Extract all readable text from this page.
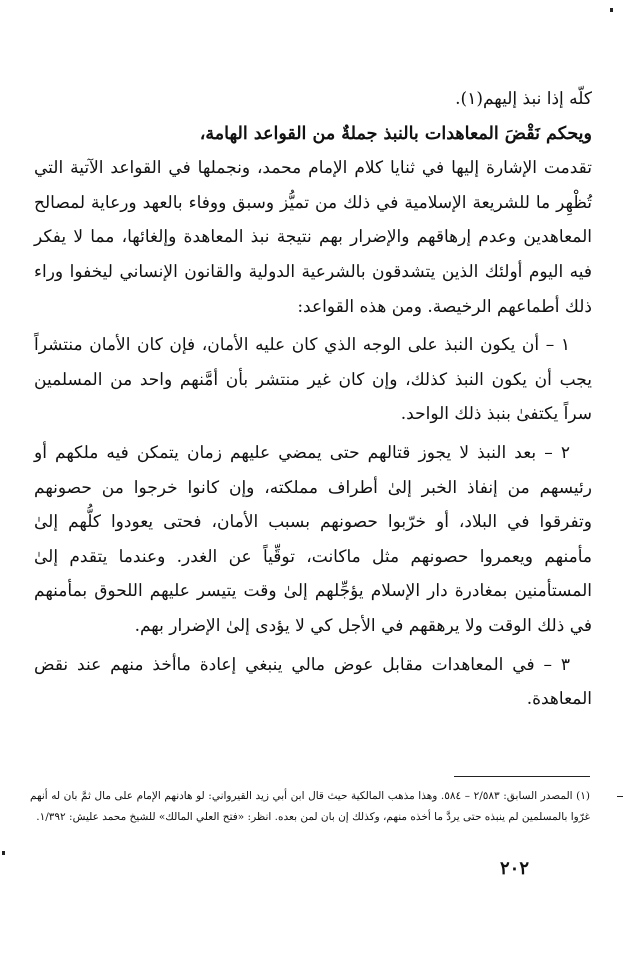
كلّه إذا نبذ إليهم(١).

ويحكم نَقْضَ المعاهدات بالنبذ جملةٌ من القواعد الهامة،

تقدمت الإشارة إليها في ثنايا كلام الإمام محمد، ونجملها في القواعد الآتية التي تُظْهِر ما للشريعة الإسلامية في ذلك من تميُّز وسبق ووفاء بالعهد ورعاية لمصالح المعاهدين وعدم إرهاقهم والإضرار بهم نتيجة نبذ المعاهدة وإلغائها، مما لا يفكر فيه اليوم أولئك الذين يتشدقون بالشرعية الدولية والقانون الإنساني ليخفوا وراء ذلك أطماعهم الرخيصة. ومن هذه القواعد:

١ – أن يكون النبذ على الوجه الذي كان عليه الأمان، فإن كان الأمان منتشراً يجب أن يكون النبذ كذلك، وإن كان غير منتشر بأن أمَّنهم واحد من المسلمين سراً يكتفىٰ بنبذ ذلك الواحد.

٢ – بعد النبذ لا يجوز قتالهم حتى يمضي عليهم زمان يتمكن فيه ملكهم أو رئيسهم من إنفاذ الخبر إلىٰ أطراف مملكته، وإن كانوا خرجوا من حصونهم وتفرقوا في البلاد، أو خرّبوا حصونهم بسبب الأمان، فحتى يعودوا كلُّهم إلىٰ مأمنهم ويعمروا حصونهم مثل ماكانت، توقِّياً عن الغدر. وعندما يتقدم إلىٰ المستأمنين بمغادرة دار الإسلام يؤجِّلهم إلىٰ وقت يتيسر عليهم اللحوق بمأمنهم في ذلك الوقت ولا يرهقهم في الأجل كي لا يؤدى إلىٰ الإضرار بهم.

٣ – في المعاهدات مقابل عوض مالي ينبغي إعادة ماأخذ منهم عند نقض المعاهدة.

(١) المصدر السابق: ٢/٥٨٣ – ٥٨٤. وهذا مذهب المالكية حيث قال ابن أبي زيد القيرواني: لو هادنهم الإمام على مال ثمَّ بان له أنهم غرّوا بالمسلمين لم ينبذه حتى يردَّ ما أخذه منهم، وكذلك إن بان لمن بعده. انظر: «فتح العلي المالك» للشيخ محمد عليش: ١/٣٩٢.

٢٠٢
